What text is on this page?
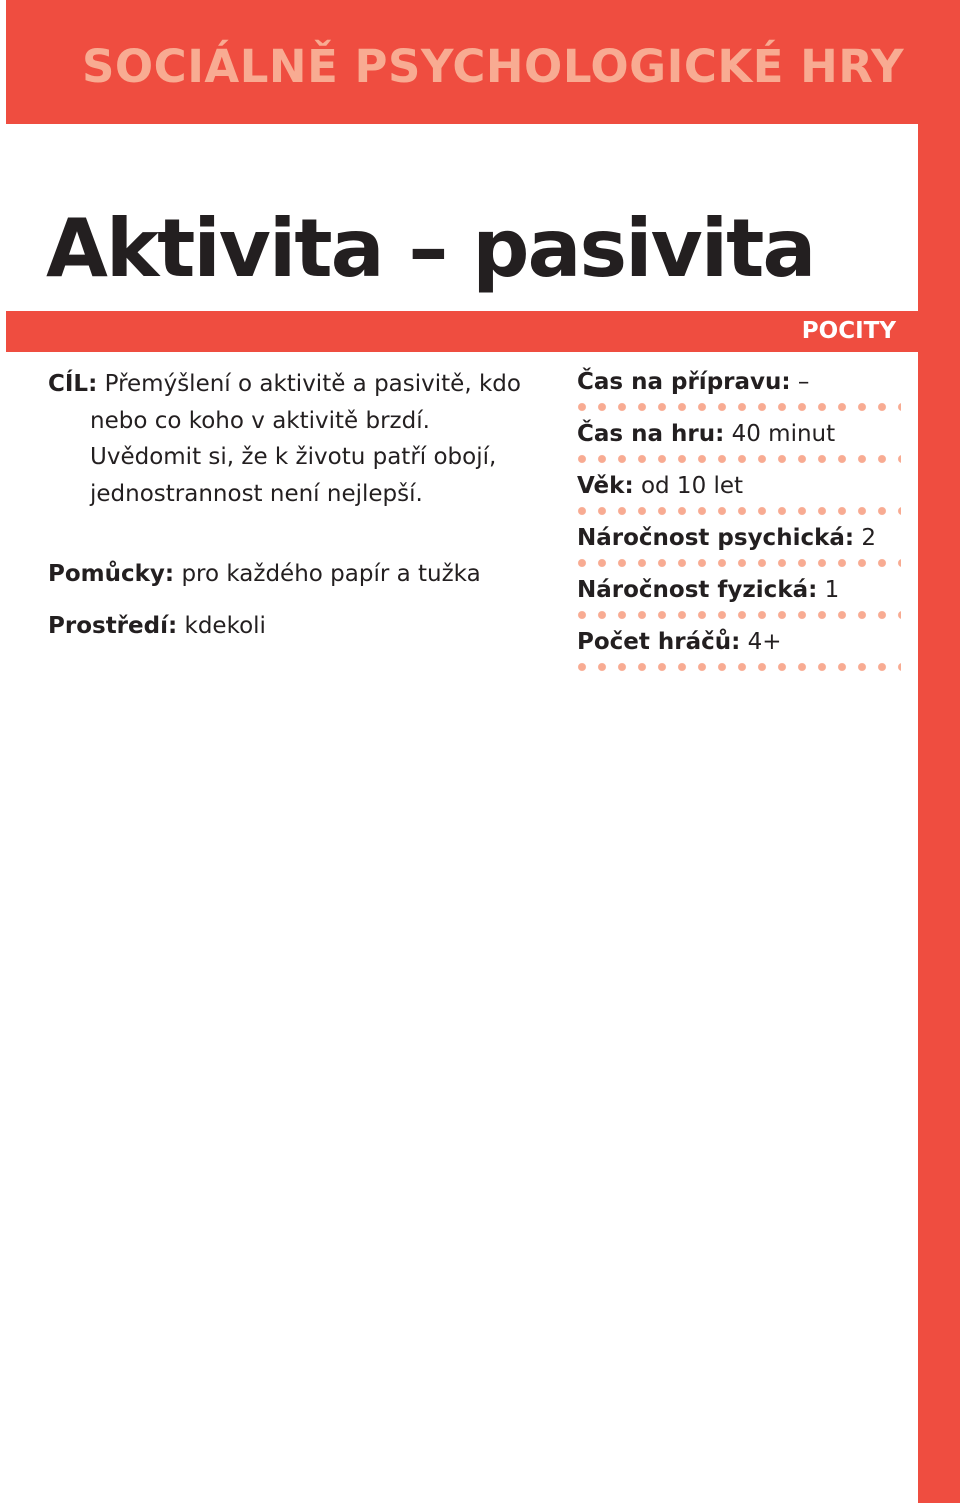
SOCIÁLNĚ PSYCHOLOGICKÉ HRY
Aktivita – pasivita
POCITY

CÍL: Přemýšlení o aktivitě a pasivitě, kdo nebo co koho v aktivitě brzdí. Uvědomit si, že k životu patří obojí, jednostrannost není nejlepší.

Pomůcky: pro každého papír a tužka

Prostředí: kdekoli

Čas na přípravu: –
Čas na hru: 40 minut
Věk: od 10 let
Náročnost psychická: 2
Náročnost fyzická: 1
Počet hráčů: 4+
